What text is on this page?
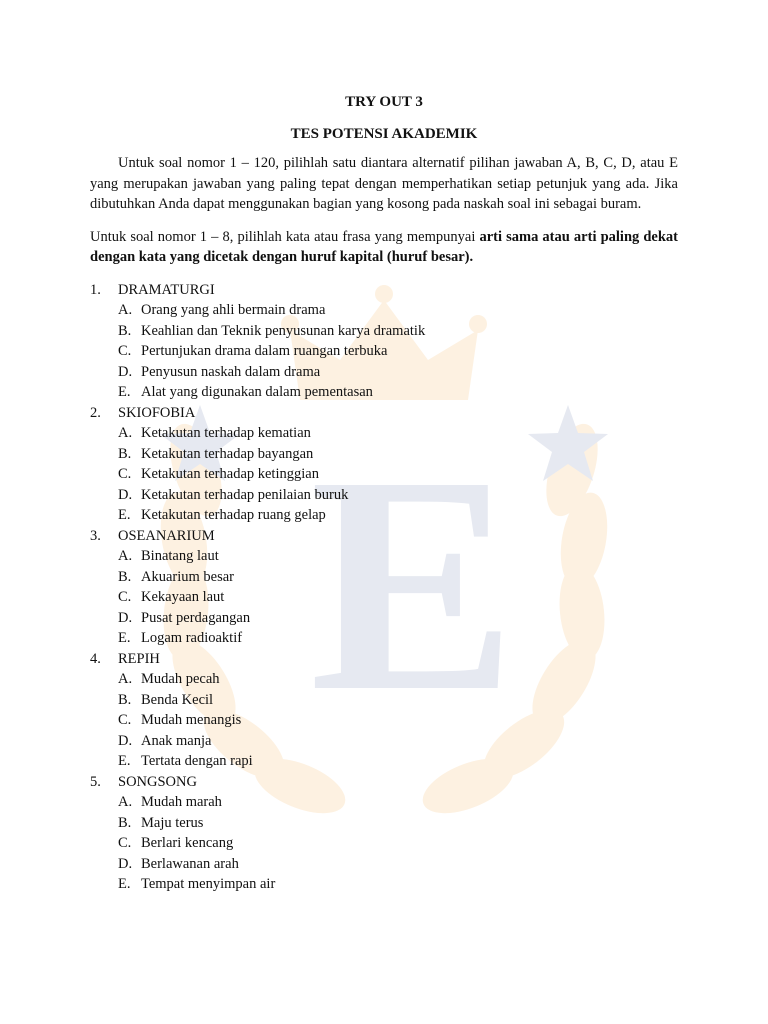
E
TRY OUT 3
TES POTENSI AKADEMIK

Untuk soal nomor 1 – 120, pilihlah satu diantara alternatif pilihan jawaban A, B, C, D, atau E yang merupakan jawaban yang paling tepat dengan memperhatikan setiap petunjuk yang ada. Jika dibutuhkan Anda dapat menggunakan bagian yang kosong pada naskah soal ini sebagai buram.

Untuk soal nomor 1 – 8, pilihlah kata atau frasa yang mempunyai arti sama atau arti paling dekat dengan kata yang dicetak dengan huruf kapital (huruf besar).

1.	DRAMATURGI
A. Orang yang ahli bermain drama
B. Keahlian dan Teknik penyusunan karya dramatik
C. Pertunjukan drama dalam ruangan terbuka
D. Penyusun naskah dalam drama
E. Alat yang digunakan dalam pementasan
2.	SKIOFOBIA
A. Ketakutan terhadap kematian
B. Ketakutan terhadap bayangan
C. Ketakutan terhadap ketinggian
D. Ketakutan terhadap penilaian buruk
E. Ketakutan terhadap ruang gelap
3.	OSEANARIUM
A. Binatang laut
B. Akuarium besar
C. Kekayaan laut
D. Pusat perdagangan
E. Logam radioaktif
4.	REPIH
A. Mudah pecah
B. Benda Kecil
C. Mudah menangis
D. Anak manja
E. Tertata dengan rapi
5.	SONGSONG
A. Mudah marah
B. Maju terus
C. Berlari kencang
D. Berlawanan arah
E. Tempat menyimpan air
